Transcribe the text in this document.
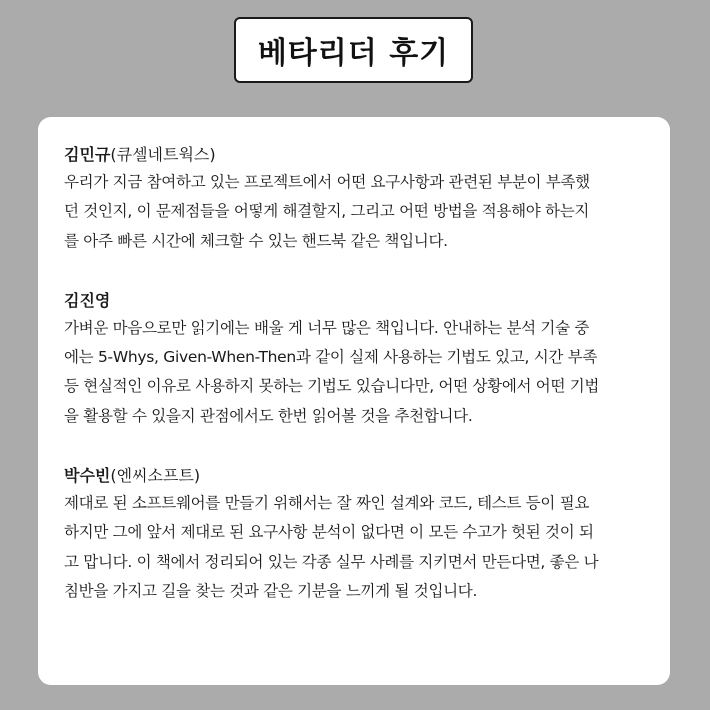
베타리더 후기
김민규(큐셀네트웍스)
우리가 지금 참여하고 있는 프로젝트에서 어떤 요구사항과 관련된 부분이 부족했
던 것인지, 이 문제점들을 어떻게 해결할지, 그리고 어떤 방법을 적용해야 하는지
를 아주 빠른 시간에 체크할 수 있는 핸드북 같은 책입니다.
김진영
가벼운 마음으로만 읽기에는 배울 게 너무 많은 책입니다. 안내하는 분석 기술 중
에는 5-Whys, Given-When-Then과 같이 실제 사용하는 기법도 있고, 시간 부족
등 현실적인 이유로 사용하지 못하는 기법도 있습니다만, 어떤 상황에서 어떤 기법
을 활용할 수 있을지 관점에서도 한번 읽어볼 것을 추천합니다.
박수빈(엔씨소프트)
제대로 된 소프트웨어를 만들기 위해서는 잘 짜인 설계와 코드, 테스트 등이 필요
하지만 그에 앞서 제대로 된 요구사항 분석이 없다면 이 모든 수고가 헛된 것이 되
고 맙니다. 이 책에서 정리되어 있는 각종 실무 사례를 지키면서 만든다면, 좋은 나
침반을 가지고 길을 찾는 것과 같은 기분을 느끼게 될 것입니다.
